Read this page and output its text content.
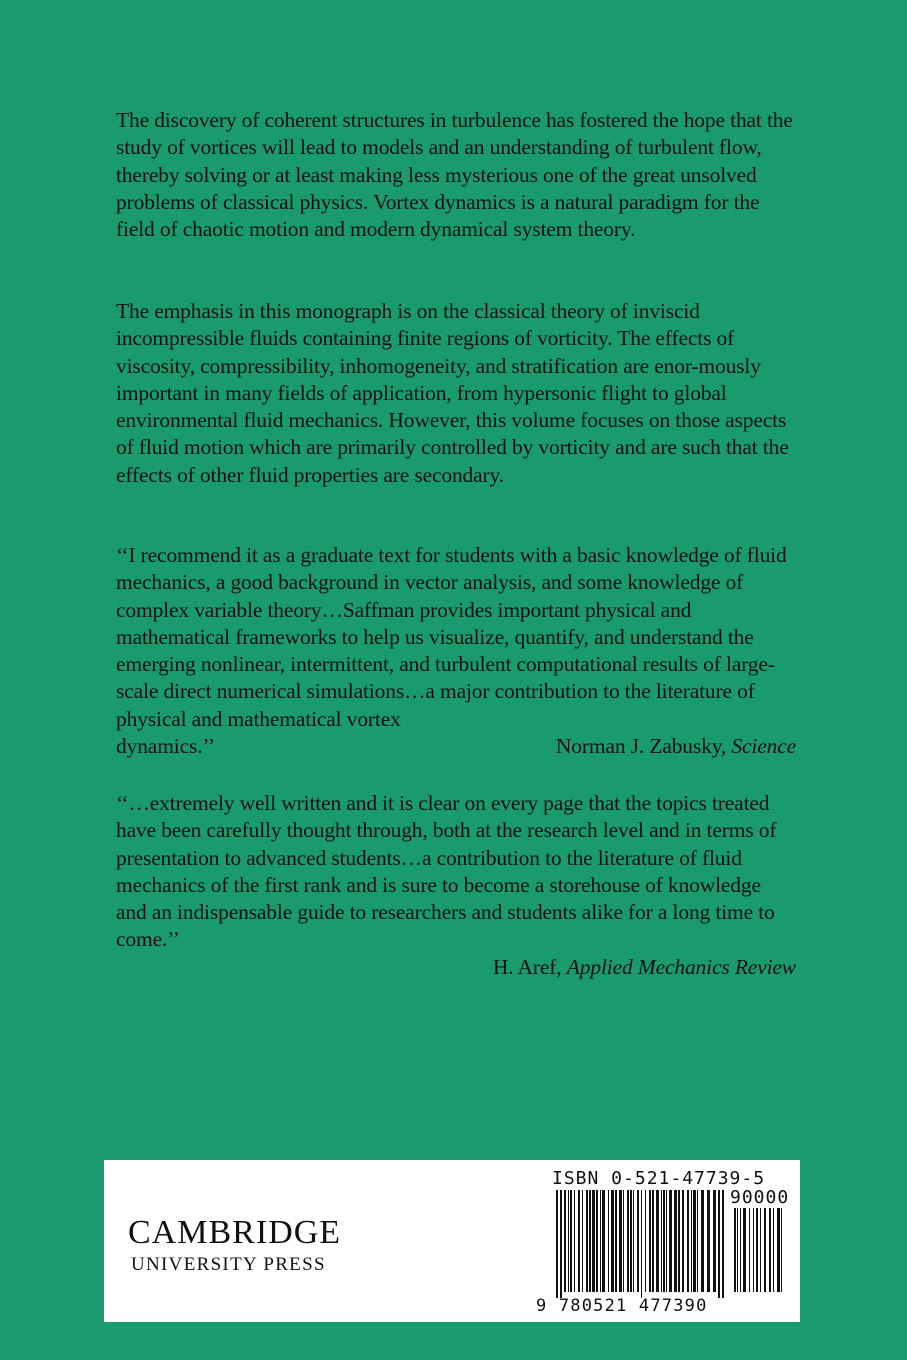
The discovery of coherent structures in turbulence has fostered the hope that the study of vortices will lead to models and an understanding of turbulent flow, thereby solving or at least making less mysterious one of the great unsolved problems of classical physics. Vortex dynamics is a natural paradigm for the field of chaotic motion and modern dynamical system theory.

The emphasis in this monograph is on the classical theory of inviscid incompressible fluids containing finite regions of vorticity. The effects of viscosity, compressibility, inhomogeneity, and stratification are enor-mously important in many fields of application, from hypersonic flight to global environmental fluid mechanics. However, this volume focuses on those aspects of fluid motion which are primarily controlled by vorticity and are such that the effects of other fluid properties are secondary.

‘‘I recommend it as a graduate text for students with a basic knowledge of fluid mechanics, a good background in vector analysis, and some knowledge of complex variable theory…Saffman provides important physical and mathematical frameworks to help us visualize, quantify, and understand the emerging nonlinear, intermittent, and turbulent computational results of large-scale direct numerical simulations…a major contribution to the literature of physical and mathematical vortex

dynamics.’’	Norman J. Zabusky, Science

‘‘…extremely well written and it is clear on every page that the topics treated have been carefully thought through, both at the research level and in terms of presentation to advanced students…a contribution to the literature of fluid mechanics of the first rank and is sure to become a storehouse of knowledge and an indispensable guide to researchers and students alike for a long time to come.’’

H. Aref, Applied Mechanics Review

CAMBRIDGE

UNIVERSITY PRESS

ISBN 0-521-47739-5
90000
9 780521 477390
